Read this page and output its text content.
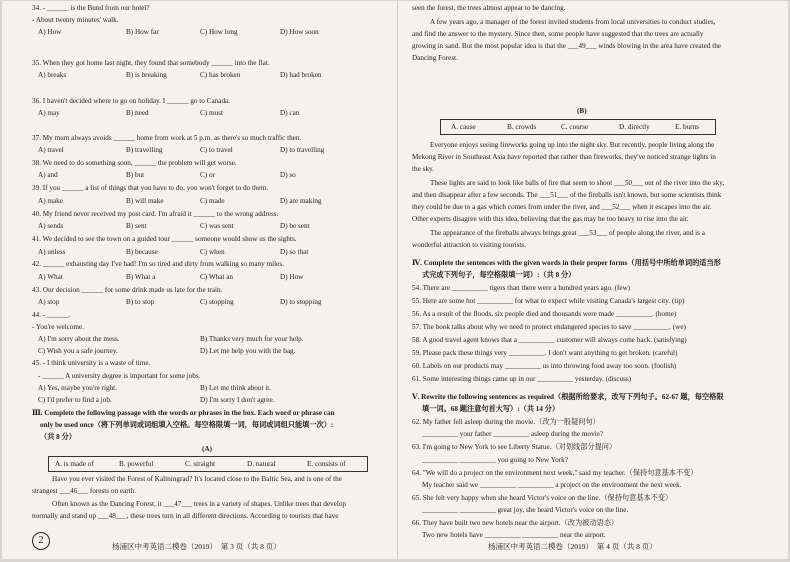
34. - ______ is the Bund from our hotel?
- About twenty minutes' walk.
35. When they got home last night, they found that somebody ______ into the flat.
36. I haven't decided where to go on holiday. I ______ go to Canada.
37. My mum always avoids ______ home from work at 5 p.m. as there's so much traffic then.
38. We need to do something soon, ______ the problem will get worse.
39. If you ______ a list of things that you have to do, you won't forget to do them.
40. My friend never received my post card. I'm afraid it ______ to the wrong address.
41. We decided to see the town on a guided tour ______ someone would show us the sights.
42. ______ exhausting day I've had! I'm so tired and dirty from walking so many miles.
43. Our decision ______ for some drink made us late for the train.
44. - ______.
- You're welcome.
45. - I think university is a waste of time.
- ______ A university degree is important for some jobs.
Ⅲ. Complete the following passage with the words or phrases in the box. Each word or phrase can
only be used once（将下列单词或词组填入空格。每空格限填一词，每词或词组只能填一次）:
（共 8 分）
Have you ever visited the Forest of Kaliningrad? It's located close to the Baltic Sea, and is one of the
strangest ___46___ forests on earth.
Often known as the Dancing Forest, it ___47___ trees in a variety of shapes. Unlike trees that develop
normally and stand up ___48___, these trees turn in all different directions. According to tourists that have
A) How	B) How far	C) How long	D) How soon
A) breaks	B) is breaking	C) has broken	D) had broken
A) may	B) need	C) must	D) can
A) travel	B) travelling	C) to travel	D) to travelling
A) and	B) but	C) or	D) so
A) make	B) will make	C) made	D) are making
A) sends	B) sent	C) was sent	D) be sent
A) unless	B) because	C) when	D) so that
A) What	B) What a	C) What an	D) How
A) stop	B) to stop	C) stopping	D) to stopping
A) I'm sorry about the mess.	B) Thanks very much for your help.
C) Wish you a safe journey.	D) Let me help you with the bag.
A) Yes, maybe you're right.	B) Let me think about it.
C) I'd prefer to find a job.	D) I'm sorry I don't agree.
(A)
A. is made of	B. powerful	C. straight	D. natural	E. consists of
seen the forest, the trees almost appear to be dancing.
A few years ago, a manager of the forest invited students from local universities to conduct studies,
and find the answer to the mystery. Since then, some people have suggested that the trees are actually
growing in sand. But the most popular idea is that the ___49___ winds blowing in the area have created the
Dancing Forest.
Everyone enjoys seeing fireworks going up into the night sky. But recently, people living along the
Mekong River in Southeast Asia have reported that rather than fireworks, they've noticed strange lights in
the sky.
These lights are said to look like balls of fire that seem to shoot ___50___ out of the river into the sky,
and then disappear after a few seconds. The ___51___ of the fireballs isn't known, but some scientists think
they could be due to a gas which comes from under the river, and ___52___ when it escapes into the air.
Other experts disagree with this idea, believing that the gas may be too heavy to rise into the air.
The appearance of the fireballs always brings great ___53___ of people along the river, and is a
wonderful attraction to visiting tourists.
Ⅳ. Complete the sentences with the given words in their proper forms（用括号中所给单词的适当形
式完成下列句子，每空格限填一词）:（共 8 分）
54. There are __________ tigers than there were a hundred years ago. (few)
55. Here are some hot __________ for what to expect while visiting Canada's largest city. (tip)
56. As a result of the floods, six people died and thousands were made __________. (home)
57. The book talks about why we need to protect endangered species to save __________. (we)
58. A good travel agent knows that a __________ customer will always come back. (satisfying)
59. Please pack these things very __________. I don't want anything to get broken. (careful)
60. Labels on our products may __________ us into throwing food away too soon. (foolish)
61. Some interesting things came up in our __________ yesterday. (discuss)
Ⅴ. Rewrite the following sentences as required（根据所给要求，改写下列句子。62-67 题，每空格限
填一词。68 题注意句首大写）:（共 14 分）
62. My father fell asleep during the movie.（改为一般疑问句）
__________ your father __________ asleep during the movie?
63. I'm going to New York to see Liberty Statue.（对划线部分提问）
__________ __________ you going to New York?
64. "We will do a project on the environment next week," said my teacher.（保持句意基本不变）
My teacher said we __________ __________ a project on the environment the next week.
65. She felt very happy when she heard Victor's voice on the line.（保持句意基本不变）
__________ __________ great joy, she heard Victor's voice on the line.
66. They have built two new hotels near the airport.（改为被动语态）
Two new hotels have __________ __________ near the airport.
(B)
A. cause	B. crowds	C. course	D. directly	E. burns
2
杨浦区中考英语二模卷（2019）　第 3 页（共 8 页）	杨浦区中考英语二模卷（2019）　第 4 页（共 8 页）
